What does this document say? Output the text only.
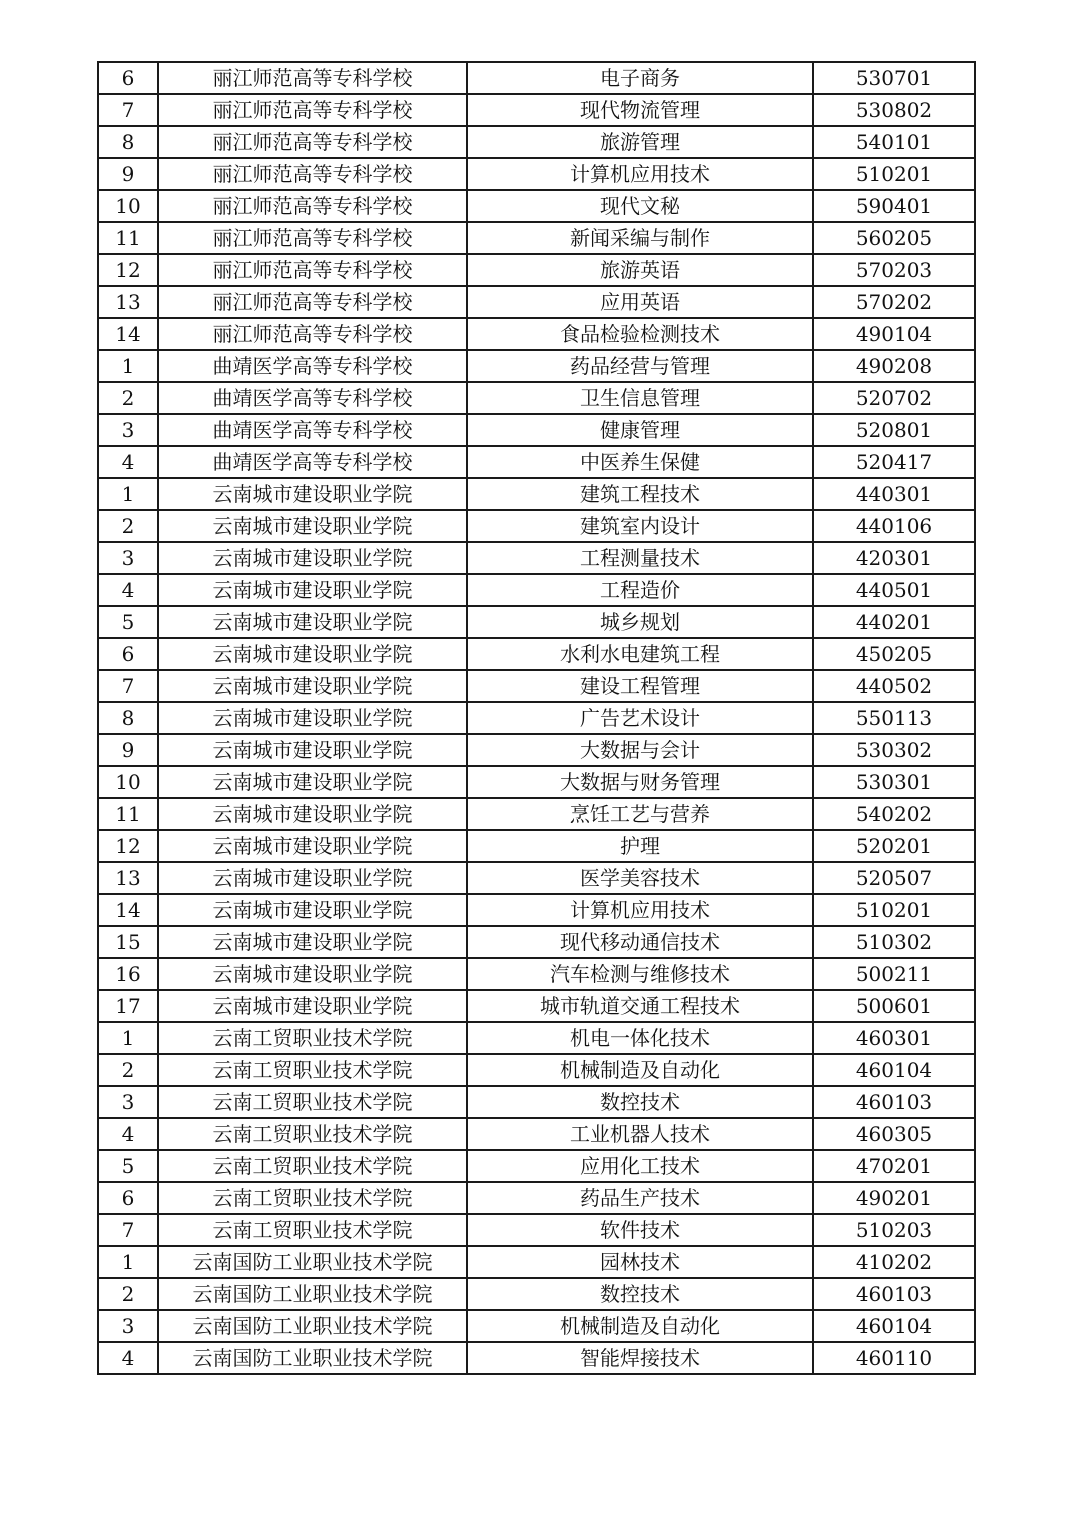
6	丽江师范高等专科学校	电子商务	530701
7	丽江师范高等专科学校	现代物流管理	530802
8	丽江师范高等专科学校	旅游管理	540101
9	丽江师范高等专科学校	计算机应用技术	510201
10	丽江师范高等专科学校	现代文秘	590401
11	丽江师范高等专科学校	新闻采编与制作	560205
12	丽江师范高等专科学校	旅游英语	570203
13	丽江师范高等专科学校	应用英语	570202
14	丽江师范高等专科学校	食品检验检测技术	490104
1	曲靖医学高等专科学校	药品经营与管理	490208
2	曲靖医学高等专科学校	卫生信息管理	520702
3	曲靖医学高等专科学校	健康管理	520801
4	曲靖医学高等专科学校	中医养生保健	520417
1	云南城市建设职业学院	建筑工程技术	440301
2	云南城市建设职业学院	建筑室内设计	440106
3	云南城市建设职业学院	工程测量技术	420301
4	云南城市建设职业学院	工程造价	440501
5	云南城市建设职业学院	城乡规划	440201
6	云南城市建设职业学院	水利水电建筑工程	450205
7	云南城市建设职业学院	建设工程管理	440502
8	云南城市建设职业学院	广告艺术设计	550113
9	云南城市建设职业学院	大数据与会计	530302
10	云南城市建设职业学院	大数据与财务管理	530301
11	云南城市建设职业学院	烹饪工艺与营养	540202
12	云南城市建设职业学院	护理	520201
13	云南城市建设职业学院	医学美容技术	520507
14	云南城市建设职业学院	计算机应用技术	510201
15	云南城市建设职业学院	现代移动通信技术	510302
16	云南城市建设职业学院	汽车检测与维修技术	500211
17	云南城市建设职业学院	城市轨道交通工程技术	500601
1	云南工贸职业技术学院	机电一体化技术	460301
2	云南工贸职业技术学院	机械制造及自动化	460104
3	云南工贸职业技术学院	数控技术	460103
4	云南工贸职业技术学院	工业机器人技术	460305
5	云南工贸职业技术学院	应用化工技术	470201
6	云南工贸职业技术学院	药品生产技术	490201
7	云南工贸职业技术学院	软件技术	510203
1	云南国防工业职业技术学院	园林技术	410202
2	云南国防工业职业技术学院	数控技术	460103
3	云南国防工业职业技术学院	机械制造及自动化	460104
4	云南国防工业职业技术学院	智能焊接技术	460110
